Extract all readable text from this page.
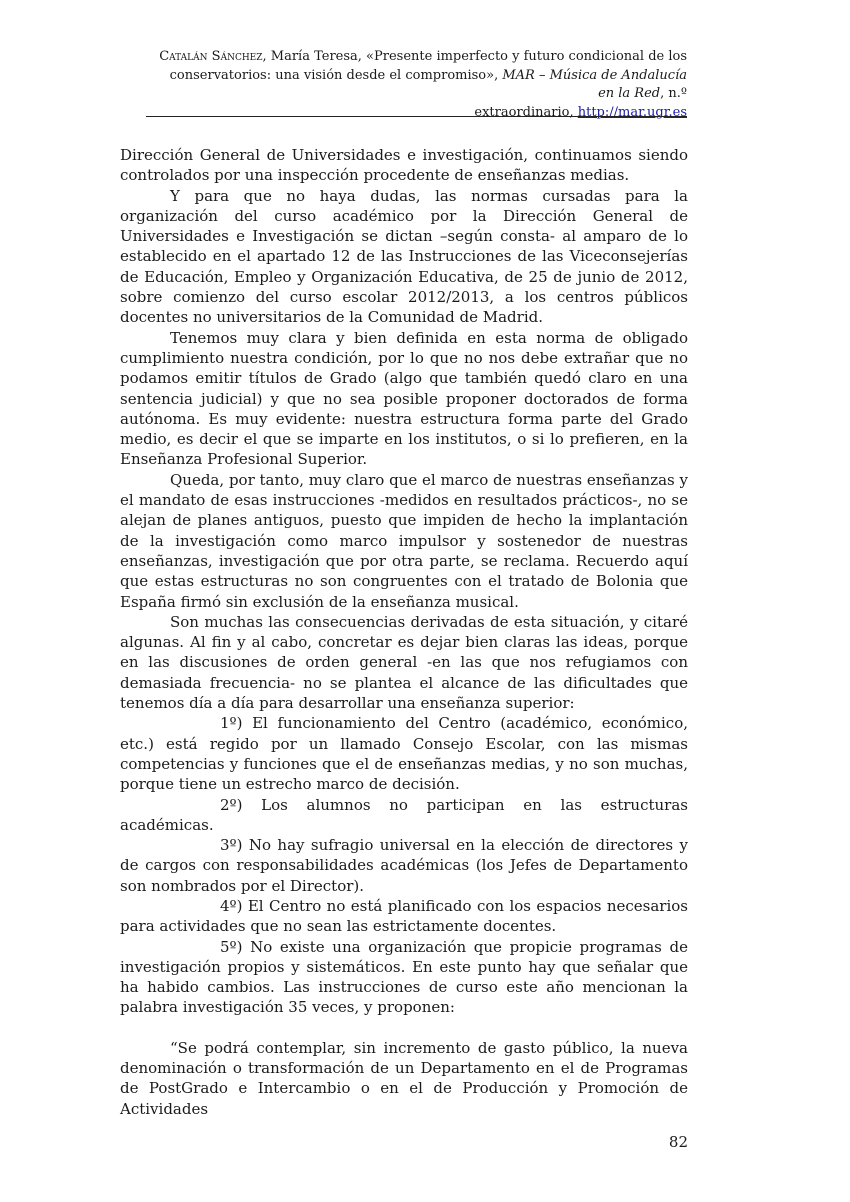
Catalán Sánchez, María Teresa, «Presente imperfecto y futuro condicional de los
conservatorios: una visión desde el compromiso», MAR – Música de Andalucía en la Red, n.º
extraordinario, http://mar.ugr.es

Dirección General de Universidades e investigación, continuamos siendo controlados por una inspección procedente de enseñanzas medias.

Y para que no haya dudas, las normas cursadas para la organización del curso académico por la Dirección General de Universidades e Investigación se dictan –según consta- al amparo de lo establecido en el apartado 12 de las Instrucciones de las Viceconsejerías de Educación, Empleo y Organización Educativa, de 25 de junio de 2012, sobre comienzo del curso escolar 2012/2013, a los centros públicos docentes no universitarios de la Comunidad de Madrid.

Tenemos muy clara y bien definida en esta norma de obligado cumplimiento nuestra condición, por lo que no nos debe extrañar que no podamos emitir títulos de Grado (algo que también quedó claro en una sentencia judicial) y que no sea posible proponer doctorados de forma autónoma. Es muy evidente: nuestra estructura forma parte del Grado medio, es decir el que se imparte en los institutos, o si lo prefieren, en la Enseñanza Profesional Superior.

Queda, por tanto, muy claro que el marco de nuestras enseñanzas y el mandato de esas instrucciones -medidos en resultados prácticos-, no se alejan de planes antiguos, puesto que impiden de hecho la implantación de la investigación como marco impulsor y sostenedor de nuestras enseñanzas, investigación que por otra parte, se reclama. Recuerdo aquí que estas estructuras no son congruentes con el tratado de Bolonia que España firmó sin exclusión de la enseñanza musical.

Son muchas las consecuencias derivadas de esta situación, y citaré algunas. Al fin y al cabo, concretar es dejar bien claras las ideas, porque en las discusiones de orden general -en las que nos refugiamos con demasiada frecuencia- no se plantea el alcance de las dificultades que tenemos día a día para desarrollar una enseñanza superior:

1º) El funcionamiento del Centro (académico, económico, etc.) está regido por un llamado Consejo Escolar, con las mismas competencias y funciones que el de enseñanzas medias, y no son muchas, porque tiene un estrecho marco de decisión.

2º) Los alumnos no participan en las estructuras académicas.

3º) No hay sufragio universal en la elección de directores y de cargos con responsabilidades académicas (los Jefes de Departamento son nombrados por el Director).

4º) El Centro no está planificado con los espacios necesarios para actividades que no sean las estrictamente docentes.

5º) No existe una organización que propicie programas de investigación propios y sistemáticos. En este punto hay que señalar que ha habido cambios. Las instrucciones de curso este año mencionan la palabra investigación 35 veces, y proponen:

“Se podrá contemplar, sin incremento de gasto público, la nueva denominación o transformación de un Departamento en el de Programas de PostGrado e Intercambio o en el de Producción y Promoción de Actividades

82
